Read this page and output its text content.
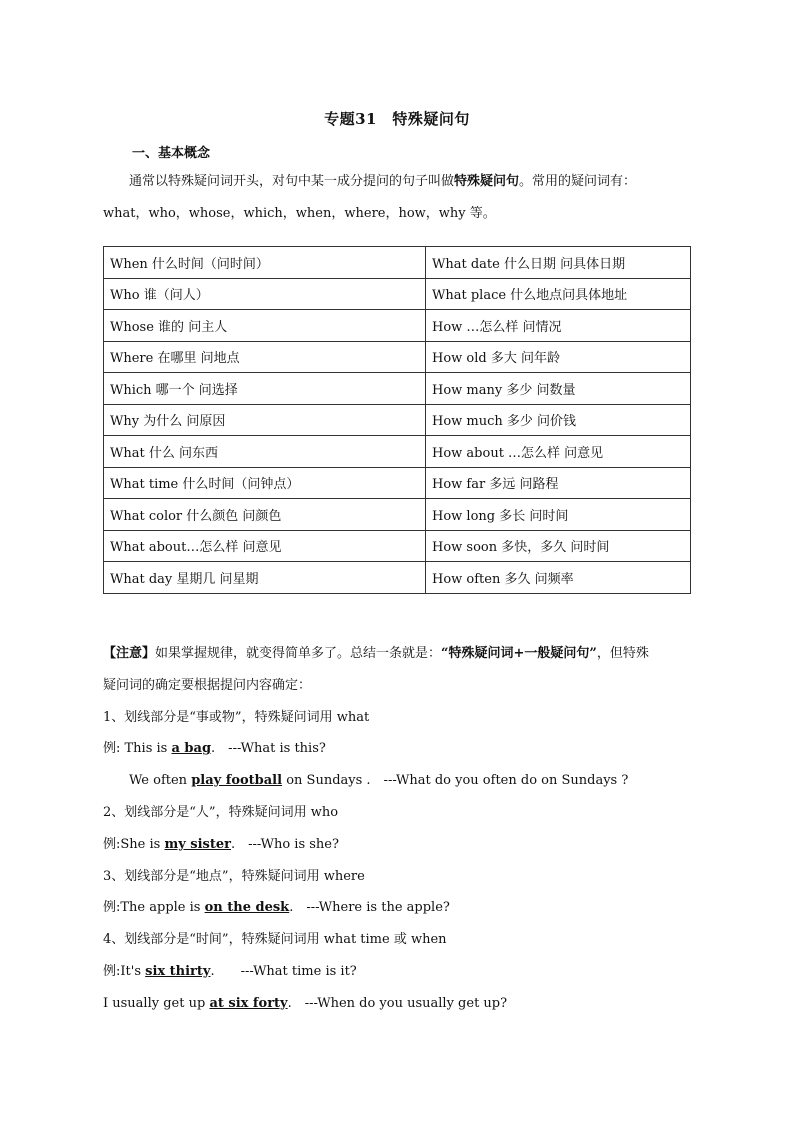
专题31　特殊疑问句
一、基本概念
通常以特殊疑问词开头，对句中某一成分提问的句子叫做特殊疑问句。常用的疑问词有：
what，who，whose，which，when，where，how，why 等。
When 什么时间（问时间）	What date 什么日期 问具体日期
Who 谁（问人）	What place 什么地点问具体地址
Whose 谁的 问主人	How …怎么样 问情况
Where 在哪里 问地点	How old 多大 问年龄
Which 哪一个 问选择	How many 多少 问数量
Why 为什么 问原因	How much 多少 问价钱
What 什么 问东西	How about …怎么样 问意见
What time 什么时间（问钟点）	How far 多远 问路程
What color 什么颜色 问颜色	How long 多长 问时间
What about…怎么样 问意见	How soon 多快，多久 问时间
What day 星期几 问星期	How often 多久 问频率
【注意】如果掌握规律，就变得简单多了。总结一条就是：“特殊疑问词+一般疑问句”，但特殊
疑问词的确定要根据提问内容确定：
1、划线部分是“事或物”，特殊疑问词用 what
例: This is a bag.　---What is this?
We often play football on Sundays .　---What do you often do on Sundays ?
2、划线部分是“人”，特殊疑问词用 who
例:She is my sister.　---Who is she?
3、划线部分是“地点”，特殊疑问词用 where
例:The apple is on the desk.　---Where is the apple?
4、划线部分是“时间”，特殊疑问词用 what time 或 when
例:It's six thirty.　　---What time is it?
I usually get up at six forty.　---When do you usually get up?
